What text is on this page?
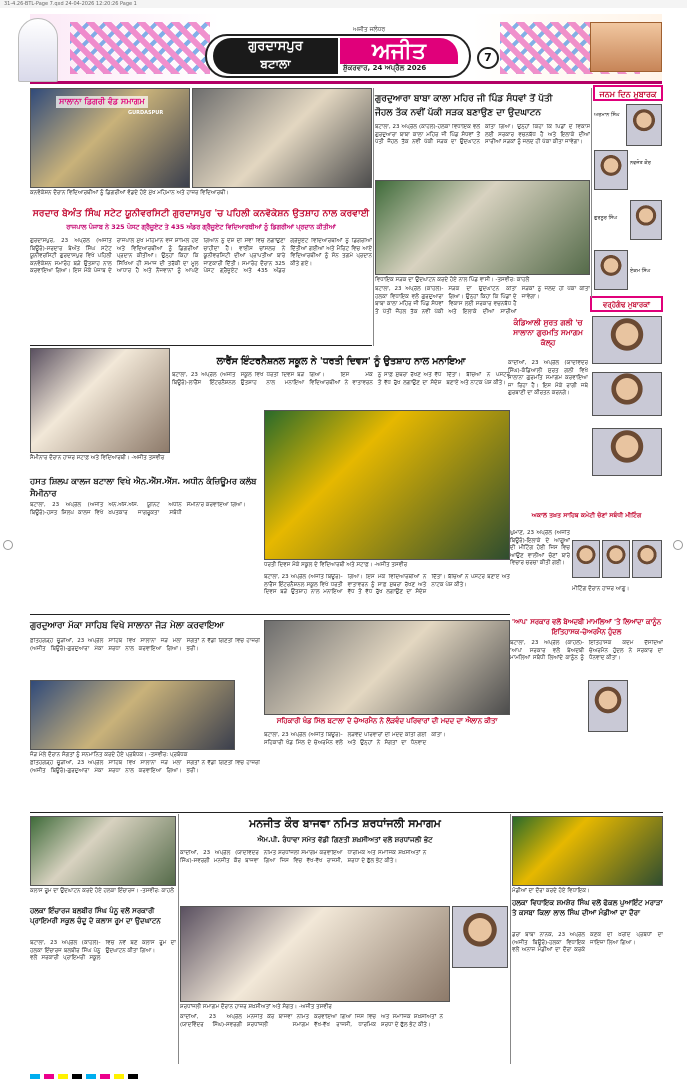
31-4.26-BTL-Page 7.qxd 24-04-2026 12:20:26 Page 1
ਅਜੀਤ ਜਲੰਧਰ
ਗੁਰਦਾਸਪੁਰ
ਬਟਾਲਾ	ਅਜੀਤ
ਸ਼ੁੱਕਰਵਾਰ, 24 ਅਪ੍ਰੈਲ 2026
7
ਸਾਲਾਨਾ ਡਿਗਰੀ ਵੰਡ ਸਮਾਗਮ
GURDASPUR
ਕਨਵੋਕੇਸ਼ਨ ਦੌਰਾਨ ਵਿਦਿਆਰਥੀਆਂ ਨੂੰ ਡਿਗਰੀਆਂ ਵੰਡਦੇ ਹੋਏ ਮੁੱਖ ਮਹਿਮਾਨ ਅਤੇ ਹਾਜ਼ਰ ਵਿਦਿਆਰਥੀ।
ਸਰਦਾਰ ਬੇਅੰਤ ਸਿੰਘ ਸਟੇਟ ਯੂਨੀਵਰਸਿਟੀ ਗੁਰਦਾਸਪੁਰ 'ਚ ਪਹਿਲੀ ਕਨਵੋਕੇਸ਼ਨ ਉਤਸ਼ਾਹ ਨਾਲ ਕਰਵਾਈ
ਰਾਜਪਾਲ ਪੰਜਾਬ ਨੇ 325 ਪੋਸਟ ਗ੍ਰੈਜੂਏਟ ਤੇ 435 ਅੰਡਰ ਗ੍ਰੈਜੂਏਟ ਵਿਦਿਆਰਥੀਆਂ ਨੂੰ ਡਿਗਰੀਆਂ ਪ੍ਰਦਾਨ ਕੀਤੀਆਂ
ਗੁਰਦਾਸਪੁਰ, 23 ਅਪ੍ਰੈਲ (ਅਜੀਤ ਬਿਊਰੋ)-ਸਰਦਾਰ ਬੇਅੰਤ ਸਿੰਘ ਸਟੇਟ ਯੂਨੀਵਰਸਿਟੀ ਗੁਰਦਾਸਪੁਰ ਵਿਖੇ ਪਹਿਲੀ ਕਨਵੋਕੇਸ਼ਨ ਸਮਾਰੋਹ ਬੜੇ ਉਤਸ਼ਾਹ ਨਾਲ ਕਰਵਾਇਆ ਗਿਆ। ਇਸ ਮੌਕੇ ਪੰਜਾਬ ਦੇ ਰਾਜਪਾਲ ਮੁੱਖ ਮਹਿਮਾਨ ਵਜੋਂ ਸ਼ਾਮਿਲ ਹੋਏ ਅਤੇ ਵਿਦਿਆਰਥੀਆਂ ਨੂੰ ਡਿਗਰੀਆਂ ਪ੍ਰਦਾਨ ਕੀਤੀਆਂ। ਉਨ੍ਹਾਂ ਕਿਹਾ ਕਿ ਸਿੱਖਿਆ ਹੀ ਸਮਾਜ ਦੀ ਤਰੱਕੀ ਦਾ ਮੂਲ ਆਧਾਰ ਹੈ ਅਤੇ ਨੌਜਵਾਨਾਂ ਨੂੰ ਆਪਣੇ ਗਿਆਨ ਨੂੰ ਦੇਸ਼ ਦੀ ਸੇਵਾ ਵਿਚ ਲਗਾਉਣਾ ਚਾਹੀਦਾ ਹੈ। ਵਾਈਸ ਚਾਂਸਲਰ ਨੇ ਯੂਨੀਵਰਸਿਟੀ ਦੀਆਂ ਪ੍ਰਾਪਤੀਆਂ ਬਾਰੇ ਜਾਣਕਾਰੀ ਦਿੱਤੀ। ਸਮਾਰੋਹ ਦੌਰਾਨ 325 ਪੋਸਟ ਗ੍ਰੈਜੂਏਟ ਅਤੇ 435 ਅੰਡਰ ਗ੍ਰੈਜੂਏਟ ਵਿਦਿਆਰਥੀਆਂ ਨੂੰ ਡਿਗਰੀਆਂ ਦਿੱਤੀਆਂ ਗਈਆਂ ਅਤੇ ਮੈਰਿਟ ਵਿਚ ਆਏ ਵਿਦਿਆਰਥੀਆਂ ਨੂੰ ਸੋਨ ਤਗਮੇ ਪ੍ਰਦਾਨ ਕੀਤੇ ਗਏ।
ਗੁਰਦੁਆਰਾ ਬਾਬਾ ਕਾਲਾ ਮਹਿਰ ਜੀ ਪਿੰਡ ਸੰਧਵਾਂ ਤੋਂ ਪੱਤੀ
ਜੌਹਲ ਤੱਕ ਨਵੀਂ ਪੱਕੀ ਸੜਕ ਬਣਾਉਣ ਦਾ ਉਦਘਾਟਨ
ਬਟਾਲਾ, 23 ਅਪ੍ਰੈਲ (ਕਾਹਲੋਂ)-ਹਲਕਾ ਵਿਧਾਇਕ ਵਲੋਂ ਗੁਰਦੁਆਰਾ ਬਾਬਾ ਕਾਲਾ ਮਹਿਰ ਜੀ ਪਿੰਡ ਸੰਧਵਾਂ ਤੋਂ ਪੱਤੀ ਜੌਹਲ ਤੱਕ ਨਵੀਂ ਪੱਕੀ ਸੜਕ ਦਾ ਉਦਘਾਟਨ ਕੀਤਾ ਗਿਆ। ਉਨ੍ਹਾਂ ਕਿਹਾ ਕਿ ਪਿੰਡਾਂ ਦੇ ਵਿਕਾਸ ਲਈ ਸਰਕਾਰ ਵਚਨਬੱਧ ਹੈ ਅਤੇ ਇਲਾਕੇ ਦੀਆਂ ਸਾਰੀਆਂ ਸੜਕਾਂ ਨੂੰ ਜਲਦ ਹੀ ਪੱਕਾ ਕੀਤਾ ਜਾਵੇਗਾ।
ਵਿਧਾਇਕ ਸੜਕ ਦਾ ਉਦਘਾਟਨ ਕਰਦੇ ਹੋਏ ਨਾਲ ਪਿੰਡ ਵਾਸੀ। -ਤਸਵੀਰ: ਕਾਹਲੋਂ
ਬਟਾਲਾ, 23 ਅਪ੍ਰੈਲ (ਕਾਹਲੋਂ)-ਹਲਕਾ ਵਿਧਾਇਕ ਵਲੋਂ ਗੁਰਦੁਆਰਾ ਬਾਬਾ ਕਾਲਾ ਮਹਿਰ ਜੀ ਪਿੰਡ ਸੰਧਵਾਂ ਤੋਂ ਪੱਤੀ ਜੌਹਲ ਤੱਕ ਨਵੀਂ ਪੱਕੀ ਸੜਕ ਦਾ ਉਦਘਾਟਨ ਕੀਤਾ ਗਿਆ। ਉਨ੍ਹਾਂ ਕਿਹਾ ਕਿ ਪਿੰਡਾਂ ਦੇ ਵਿਕਾਸ ਲਈ ਸਰਕਾਰ ਵਚਨਬੱਧ ਹੈ ਅਤੇ ਇਲਾਕੇ ਦੀਆਂ ਸਾਰੀਆਂ ਸੜਕਾਂ ਨੂੰ ਜਲਦ ਹੀ ਪੱਕਾ ਕੀਤਾ ਜਾਵੇਗਾ।
ਜਨਮ ਦਿਨ ਮੁਬਾਰਕ
ਅਰਮਾਨ ਸਿੰਘ
ਨਵਜੋਤ ਕੌਰ
ਗੁਰਨੂਰ ਸਿੰਘ
ਏਕਮ ਸਿੰਘ
ਕੰਡਿਆਲੀ ਸੁਰਤ ਗਲੀ 'ਚ ਸਾਲਾਨਾ ਗੁਰਮਤਿ ਸਮਾਗਮ ਕੱਲ੍ਹ
ਕਾਦੀਆਂ, 23 ਅਪ੍ਰੈਲ (ਯਾਦਵਿੰਦਰ ਸਿੰਘ)-ਕੰਡਿਆਲੀ ਸੁਰਤ ਗਲੀ ਵਿਖੇ ਸਾਲਾਨਾ ਗੁਰਮਤਿ ਸਮਾਗਮ ਕਰਵਾਇਆ ਜਾ ਰਿਹਾ ਹੈ। ਇਸ ਮੌਕੇ ਰਾਗੀ ਜਥੇ ਗੁਰਬਾਣੀ ਦਾ ਕੀਰਤਨ ਕਰਨਗੇ।
ਵਰ੍ਹੇਗੰਢ ਮੁਬਾਰਕਾਂ
ਲਾਰੈਂਸ ਇੰਟਰਨੈਸ਼ਨਲ ਸਕੂਲ ਨੇ 'ਧਰਤੀ ਦਿਵਸ' ਨੂੰ ਉਤਸ਼ਾਹ ਨਾਲ ਮਨਾਇਆ
ਬਟਾਲਾ, 23 ਅਪ੍ਰੈਲ (ਅਜੀਤ ਬਿਊਰੋ)-ਲਾਰੈਂਸ ਇੰਟਰਨੈਸ਼ਨਲ ਸਕੂਲ ਵਿਖੇ ਧਰਤੀ ਦਿਵਸ ਬੜੇ ਉਤਸ਼ਾਹ ਨਾਲ ਮਨਾਇਆ ਗਿਆ। ਇਸ ਮੌਕੇ ਵਿਦਿਆਰਥੀਆਂ ਨੇ ਵਾਤਾਵਰਨ ਨੂੰ ਸਾਫ਼ ਸੁਥਰਾ ਰੱਖਣ ਅਤੇ ਵੱਧ ਤੋਂ ਵੱਧ ਰੁੱਖ ਲਗਾਉਣ ਦਾ ਸੰਦੇਸ਼ ਦਿੱਤਾ। ਬੱਚਿਆਂ ਨੇ ਪੋਸਟਰ ਬਣਾਏ ਅਤੇ ਨਾਟਕ ਪੇਸ਼ ਕੀਤੇ।
ਧਰਤੀ ਦਿਵਸ ਮੌਕੇ ਸਕੂਲ ਦੇ ਵਿਦਿਆਰਥੀ ਅਤੇ ਸਟਾਫ਼। -ਅਜੀਤ ਤਸਵੀਰ
ਬਟਾਲਾ, 23 ਅਪ੍ਰੈਲ (ਅਜੀਤ ਬਿਊਰੋ)-ਲਾਰੈਂਸ ਇੰਟਰਨੈਸ਼ਨਲ ਸਕੂਲ ਵਿਖੇ ਧਰਤੀ ਦਿਵਸ ਬੜੇ ਉਤਸ਼ਾਹ ਨਾਲ ਮਨਾਇਆ ਗਿਆ। ਇਸ ਮੌਕੇ ਵਿਦਿਆਰਥੀਆਂ ਨੇ ਵਾਤਾਵਰਨ ਨੂੰ ਸਾਫ਼ ਸੁਥਰਾ ਰੱਖਣ ਅਤੇ ਵੱਧ ਤੋਂ ਵੱਧ ਰੁੱਖ ਲਗਾਉਣ ਦਾ ਸੰਦੇਸ਼ ਦਿੱਤਾ। ਬੱਚਿਆਂ ਨੇ ਪੋਸਟਰ ਬਣਾਏ ਅਤੇ ਨਾਟਕ ਪੇਸ਼ ਕੀਤੇ।
ਸੈਮੀਨਾਰ ਦੌਰਾਨ ਹਾਜ਼ਰ ਸਟਾਫ਼ ਅਤੇ ਵਿਦਿਆਰਥੀ। -ਅਜੀਤ ਤਸਵੀਰ
ਹਸਤ ਸ਼ਿਲਪ ਕਾਲਜ ਬਟਾਲਾ ਵਿਖੇ ਐਨ.ਐੱਸ.ਐੱਸ. ਅਧੀਨ ਕੰਜ਼ਿਊਮਰ ਕਲੱਬ ਸੈਮੀਨਾਰ
ਬਟਾਲਾ, 23 ਅਪ੍ਰੈਲ (ਅਜੀਤ ਬਿਊਰੋ)-ਹਸਤ ਸ਼ਿਲਪ ਕਾਲਜ ਵਿਖੇ ਐਨ.ਐੱਸ.ਐੱਸ. ਯੂਨਿਟ ਅਧੀਨ ਖ਼ਪਤਕਾਰ ਜਾਗਰੂਕਤਾ ਸਬੰਧੀ ਸੈਮੀਨਾਰ ਕਰਵਾਇਆ ਗਿਆ।
ਅਕਾਲ ਤਖ਼ਤ ਸਾਹਿਬ ਕਮੇਟੀ ਚੋਣਾਂ ਸਬੰਧੀ ਮੀਟਿੰਗ
ਘੁਮਾਣ, 23 ਅਪ੍ਰੈਲ (ਅਜੀਤ ਬਿਊਰੋ)-ਇਲਾਕੇ ਦੇ ਆਗੂਆਂ ਦੀ ਮੀਟਿੰਗ ਹੋਈ ਜਿਸ ਵਿਚ ਆਉਣ ਵਾਲੀਆਂ ਚੋਣਾਂ ਬਾਰੇ ਵਿਚਾਰ ਚਰਚਾ ਕੀਤੀ ਗਈ।
ਮੀਟਿੰਗ ਦੌਰਾਨ ਹਾਜ਼ਰ ਆਗੂ।
ਗੁਰਦੁਆਰਾ ਮੱਕਾ ਸਾਹਿਬ ਵਿਖੇ ਸਾਲਾਨਾ ਜੋੜ ਮੇਲਾ ਕਰਵਾਇਆ
ਫ਼ਤਿਹਗੜ੍ਹ ਚੂੜੀਆਂ, 23 ਅਪ੍ਰੈਲ (ਅਜੀਤ ਬਿਊਰੋ)-ਗੁਰਦੁਆਰਾ ਮੱਕਾ ਸਾਹਿਬ ਵਿਖੇ ਸਾਲਾਨਾ ਜੋੜ ਮੇਲਾ ਸ਼ਰਧਾ ਨਾਲ ਕਰਵਾਇਆ ਗਿਆ। ਸੰਗਤਾਂ ਨੇ ਵੱਡੀ ਗਿਣਤੀ ਵਿਚ ਹਾਜ਼ਰੀ ਭਰੀ।
ਜੋੜ ਮੇਲੇ ਦੌਰਾਨ ਸੰਗਤਾਂ ਨੂੰ ਸਨਮਾਨਿਤ ਕਰਦੇ ਹੋਏ ਪ੍ਰਬੰਧਕ। -ਤਸਵੀਰ: ਪ੍ਰਬੰਧਕ
ਫ਼ਤਿਹਗੜ੍ਹ ਚੂੜੀਆਂ, 23 ਅਪ੍ਰੈਲ (ਅਜੀਤ ਬਿਊਰੋ)-ਗੁਰਦੁਆਰਾ ਮੱਕਾ ਸਾਹਿਬ ਵਿਖੇ ਸਾਲਾਨਾ ਜੋੜ ਮੇਲਾ ਸ਼ਰਧਾ ਨਾਲ ਕਰਵਾਇਆ ਗਿਆ। ਸੰਗਤਾਂ ਨੇ ਵੱਡੀ ਗਿਣਤੀ ਵਿਚ ਹਾਜ਼ਰੀ ਭਰੀ।
ਸਹਿਕਾਰੀ ਖੰਡ ਮਿੱਲ ਬਟਾਲਾ ਦੇ ਚੇਅਰਮੈਨ ਨੇ ਲੋੜਵੰਦ ਪਰਿਵਾਰਾਂ ਦੀ ਮਦਦ ਦਾ ਐਲਾਨ ਕੀਤਾ
ਬਟਾਲਾ, 23 ਅਪ੍ਰੈਲ (ਅਜੀਤ ਬਿਊਰੋ)-ਸਹਿਕਾਰੀ ਖੰਡ ਮਿੱਲ ਦੇ ਚੇਅਰਮੈਨ ਵਲੋਂ ਲੋੜਵੰਦ ਪਰਿਵਾਰਾਂ ਦੀ ਮਦਦ ਕੀਤੀ ਗਈ ਅਤੇ ਉਨ੍ਹਾਂ ਨੇ ਸੰਗਤਾਂ ਦਾ ਧੰਨਵਾਦ ਕੀਤਾ।
'ਆਪ' ਸਰਕਾਰ ਵਲੋਂ ਬੇਅਦਬੀ ਮਾਮਲਿਆਂ 'ਤੇ ਲਿਆਂਦਾ ਕਾਨੂੰਨ ਇਤਿਹਾਸਕ-ਚੇਅਰਮੈਨ ਹੁੰਦਲ
ਬਟਾਲਾ, 23 ਅਪ੍ਰੈਲ (ਕਾਹਲੋਂ)-'ਆਪ' ਸਰਕਾਰ ਵਲੋਂ ਬੇਅਦਬੀ ਮਾਮਲਿਆਂ ਸਬੰਧੀ ਲਿਆਂਦੇ ਕਾਨੂੰਨ ਨੂੰ ਇਤਿਹਾਸਕ ਕਦਮ ਦੱਸਦਿਆਂ ਚੇਅਰਮੈਨ ਹੁੰਦਲ ਨੇ ਸਰਕਾਰ ਦਾ ਧੰਨਵਾਦ ਕੀਤਾ।
ਮਨਜੀਤ ਕੌਰ ਬਾਜਵਾ ਨਮਿਤ ਸ਼ਰਧਾਂਜਲੀ ਸਮਾਗਮ
ਐਮ.ਪੀ. ਰੰਧਾਵਾ ਸਮੇਤ ਵੱਡੀ ਗਿਣਤੀ ਸ਼ਖ਼ਸੀਅਤਾਂ ਵਲੋਂ ਸ਼ਰਧਾਂਜਲੀ ਭੇਟ
ਕਾਦੀਆਂ, 23 ਅਪ੍ਰੈਲ (ਯਾਦਵਿੰਦਰ ਸਿੰਘ)-ਸਵਰਗੀ ਮਨਜੀਤ ਕੌਰ ਬਾਜਵਾ ਨਮਿਤ ਸ਼ਰਧਾਂਜਲੀ ਸਮਾਗਮ ਕਰਵਾਇਆ ਗਿਆ ਜਿਸ ਵਿਚ ਵੱਖ-ਵੱਖ ਰਾਜਸੀ, ਧਾਰਮਿਕ ਅਤੇ ਸਮਾਜਿਕ ਸ਼ਖ਼ਸੀਅਤਾਂ ਨੇ ਸ਼ਰਧਾ ਦੇ ਫੁੱਲ ਭੇਟ ਕੀਤੇ।
ਸ਼ਰਧਾਂਜਲੀ ਸਮਾਗਮ ਦੌਰਾਨ ਹਾਜ਼ਰ ਸ਼ਖ਼ਸੀਅਤਾਂ ਅਤੇ ਸੰਗਤ। -ਅਜੀਤ ਤਸਵੀਰ
ਕਾਦੀਆਂ, 23 ਅਪ੍ਰੈਲ (ਯਾਦਵਿੰਦਰ ਸਿੰਘ)-ਸਵਰਗੀ ਮਨਜੀਤ ਕੌਰ ਬਾਜਵਾ ਨਮਿਤ ਸ਼ਰਧਾਂਜਲੀ ਸਮਾਗਮ ਕਰਵਾਇਆ ਗਿਆ ਜਿਸ ਵਿਚ ਵੱਖ-ਵੱਖ ਰਾਜਸੀ, ਧਾਰਮਿਕ ਅਤੇ ਸਮਾਜਿਕ ਸ਼ਖ਼ਸੀਅਤਾਂ ਨੇ ਸ਼ਰਧਾ ਦੇ ਫੁੱਲ ਭੇਟ ਕੀਤੇ।
ਕਲਾਸ ਰੂਮ ਦਾ ਉਦਘਾਟਨ ਕਰਦੇ ਹੋਏ ਹਲਕਾ ਇੰਚਾਰਜ। -ਤਸਵੀਰ: ਕਾਹਲੋਂ
ਹਲਕਾ ਇੰਚਾਰਜ ਬਲਬੀਰ ਸਿੰਘ ਪੰਨੂ ਵਲੋਂ ਸਰਕਾਰੀ ਪ੍ਰਾਇਮਰੀ ਸਕੂਲ ਚੰਦੂ ਦੇ ਕਲਾਸ ਰੂਮ ਦਾ ਉਦਘਾਟਨ
ਬਟਾਲਾ, 23 ਅਪ੍ਰੈਲ (ਕਾਹਲੋਂ)-ਹਲਕਾ ਇੰਚਾਰਜ ਬਲਬੀਰ ਸਿੰਘ ਪੰਨੂ ਵਲੋਂ ਸਰਕਾਰੀ ਪ੍ਰਾਇਮਰੀ ਸਕੂਲ ਵਿਚ ਨਵੇਂ ਬਣੇ ਕਲਾਸ ਰੂਮ ਦਾ ਉਦਘਾਟਨ ਕੀਤਾ ਗਿਆ।
ਮੰਡੀਆਂ ਦਾ ਦੌਰਾ ਕਰਦੇ ਹੋਏ ਵਿਧਾਇਕ।
ਹਲਕਾ ਵਿਧਾਇਕ ਸ਼ਮਸ਼ੇਰ ਸਿੰਘ ਵਲੋਂ ਫੋਕਲ ਪੁਆਇੰਟ ਮਰਾੜਾ ਤੇ ਕਸਬਾ ਕਿਲਾ ਲਾਲ ਸਿੰਘ ਦੀਆਂ ਮੰਡੀਆਂ ਦਾ ਦੌਰਾ
ਡੇਰਾ ਬਾਬਾ ਨਾਨਕ, 23 ਅਪ੍ਰੈਲ (ਅਜੀਤ ਬਿਊਰੋ)-ਹਲਕਾ ਵਿਧਾਇਕ ਵਲੋਂ ਅਨਾਜ ਮੰਡੀਆਂ ਦਾ ਦੌਰਾ ਕਰਕੇ ਕਣਕ ਦੀ ਖ਼ਰੀਦ ਪ੍ਰਬੰਧਾਂ ਦਾ ਜਾਇਜ਼ਾ ਲਿਆ ਗਿਆ।
